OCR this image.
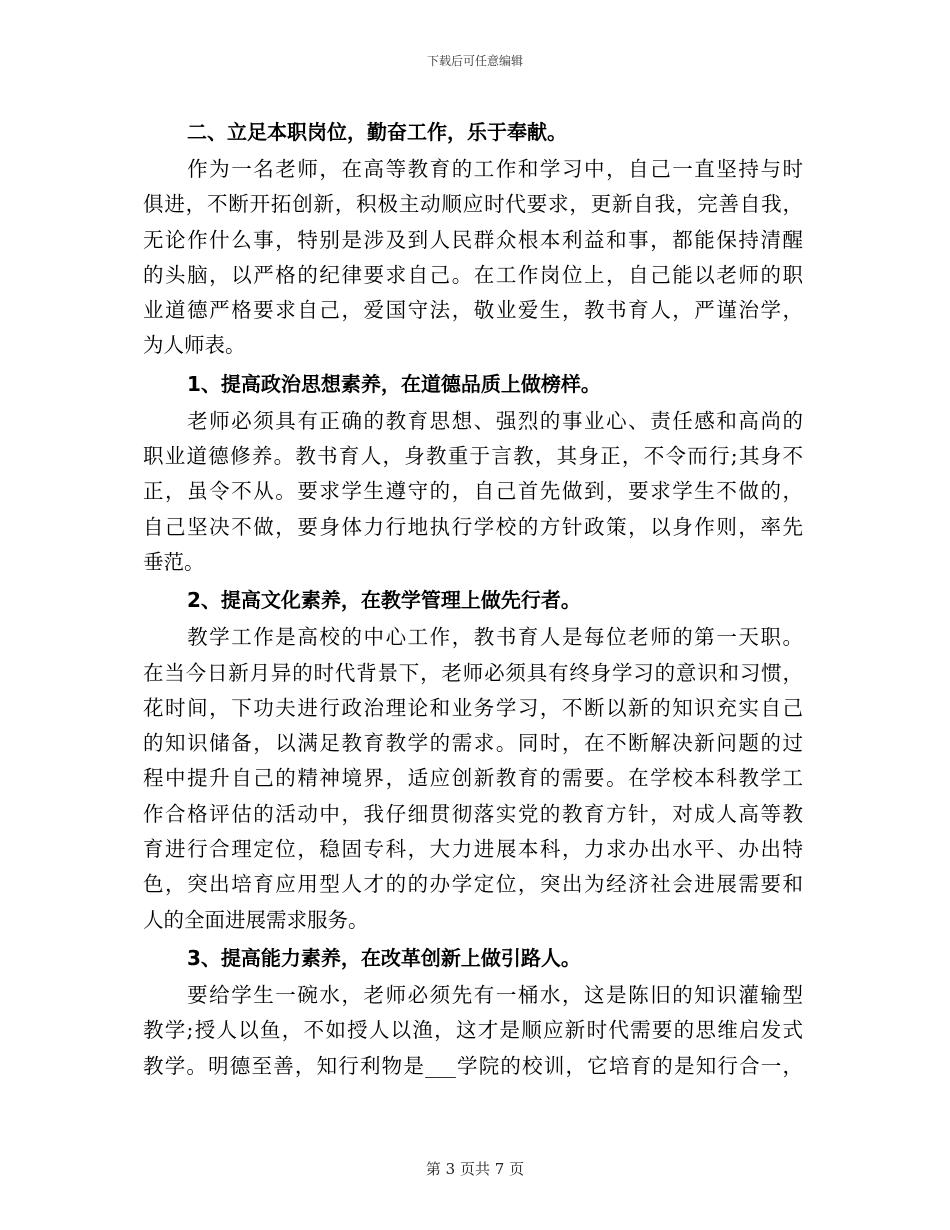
下载后可任意编辑
二、立足本职岗位，勤奋工作，乐于奉献。
　　作为一名老师，在高等教育的工作和学习中，自己一直坚持与时
俱进，不断开拓创新，积极主动顺应时代要求，更新自我，完善自我，
无论作什么事，特别是涉及到人民群众根本利益和事，都能保持清醒
的头脑，以严格的纪律要求自己。在工作岗位上，自己能以老师的职
业道德严格要求自己，爱国守法，敬业爱生，教书育人，严谨治学，
为人师表。
1、提高政治思想素养，在道德品质上做榜样。
　　老师必须具有正确的教育思想、强烈的事业心、责任感和高尚的
职业道德修养。教书育人，身教重于言教，其身正，不令而行;其身不
正，虽令不从。要求学生遵守的，自己首先做到，要求学生不做的，
自己坚决不做，要身体力行地执行学校的方针政策，以身作则，率先
垂范。
2、提高文化素养，在教学管理上做先行者。
　　教学工作是高校的中心工作，教书育人是每位老师的第一天职。
在当今日新月异的时代背景下，老师必须具有终身学习的意识和习惯，
花时间，下功夫进行政治理论和业务学习，不断以新的知识充实自己
的知识储备，以满足教育教学的需求。同时，在不断解决新问题的过
程中提升自己的精神境界，适应创新教育的需要。在学校本科教学工
作合格评估的活动中，我仔细贯彻落实党的教育方针，对成人高等教
育进行合理定位，稳固专科，大力进展本科，力求办出水平、办出特
色，突出培育应用型人才的的办学定位，突出为经济社会进展需要和
人的全面进展需求服务。
3、提高能力素养，在改革创新上做引路人。
　　要给学生一碗水，老师必须先有一桶水，这是陈旧的知识灌输型
教学;授人以鱼，不如授人以渔，这才是顺应新时代需要的思维启发式
教学。明德至善，知行利物是___学院的校训，它培育的是知行合一，
第 3 页共 7 页
